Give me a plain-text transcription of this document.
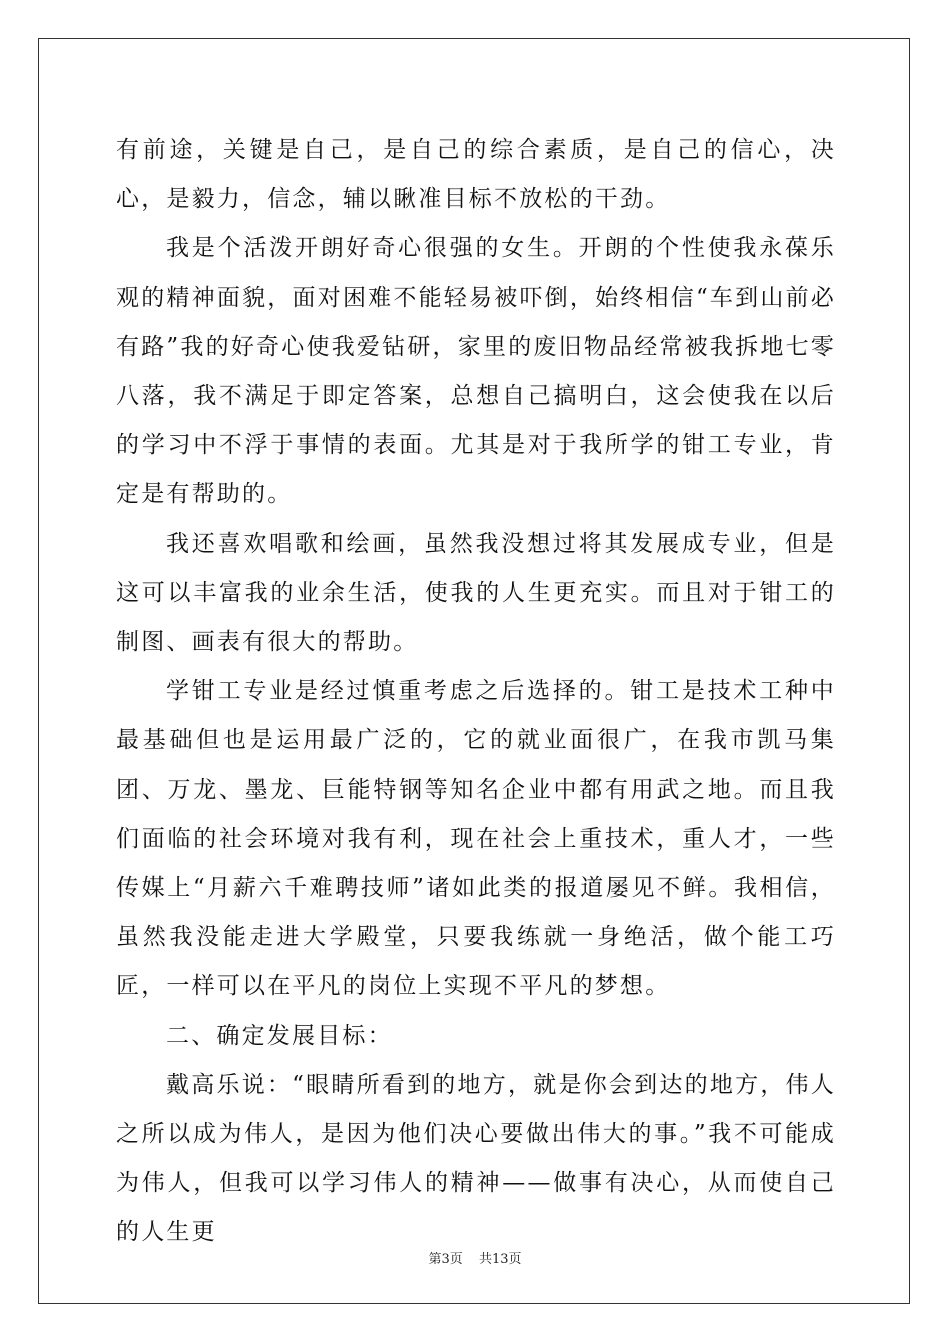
有前途，关键是自己，是自己的综合素质，是自己的信心，决心，是毅力，信念，辅以瞅准目标不放松的干劲。

我是个活泼开朗好奇心很强的女生。开朗的个性使我永葆乐观的精神面貌，面对困难不能轻易被吓倒，始终相信“车到山前必有路”我的好奇心使我爱钻研，家里的废旧物品经常被我拆地七零八落，我不满足于即定答案，总想自己搞明白，这会使我在以后的学习中不浮于事情的表面。尤其是对于我所学的钳工专业，肯定是有帮助的。

我还喜欢唱歌和绘画，虽然我没想过将其发展成专业，但是这可以丰富我的业余生活，使我的人生更充实。而且对于钳工的制图、画表有很大的帮助。

学钳工专业是经过慎重考虑之后选择的。钳工是技术工种中最基础但也是运用最广泛的，它的就业面很广，在我市凯马集团、万龙、墨龙、巨能特钢等知名企业中都有用武之地。而且我们面临的社会环境对我有利，现在社会上重技术，重人才，一些传媒上“月薪六千难聘技师”诸如此类的报道屡见不鲜。我相信，虽然我没能走进大学殿堂，只要我练就一身绝活，做个能工巧匠，一样可以在平凡的岗位上实现不平凡的梦想。

二、确定发展目标：

戴高乐说：“眼睛所看到的地方，就是你会到达的地方，伟人之所以成为伟人，是因为他们决心要做出伟大的事。”我不可能成为伟人，但我可以学习伟人的精神——做事有决心，从而使自己的人生更

第3页 共13页
